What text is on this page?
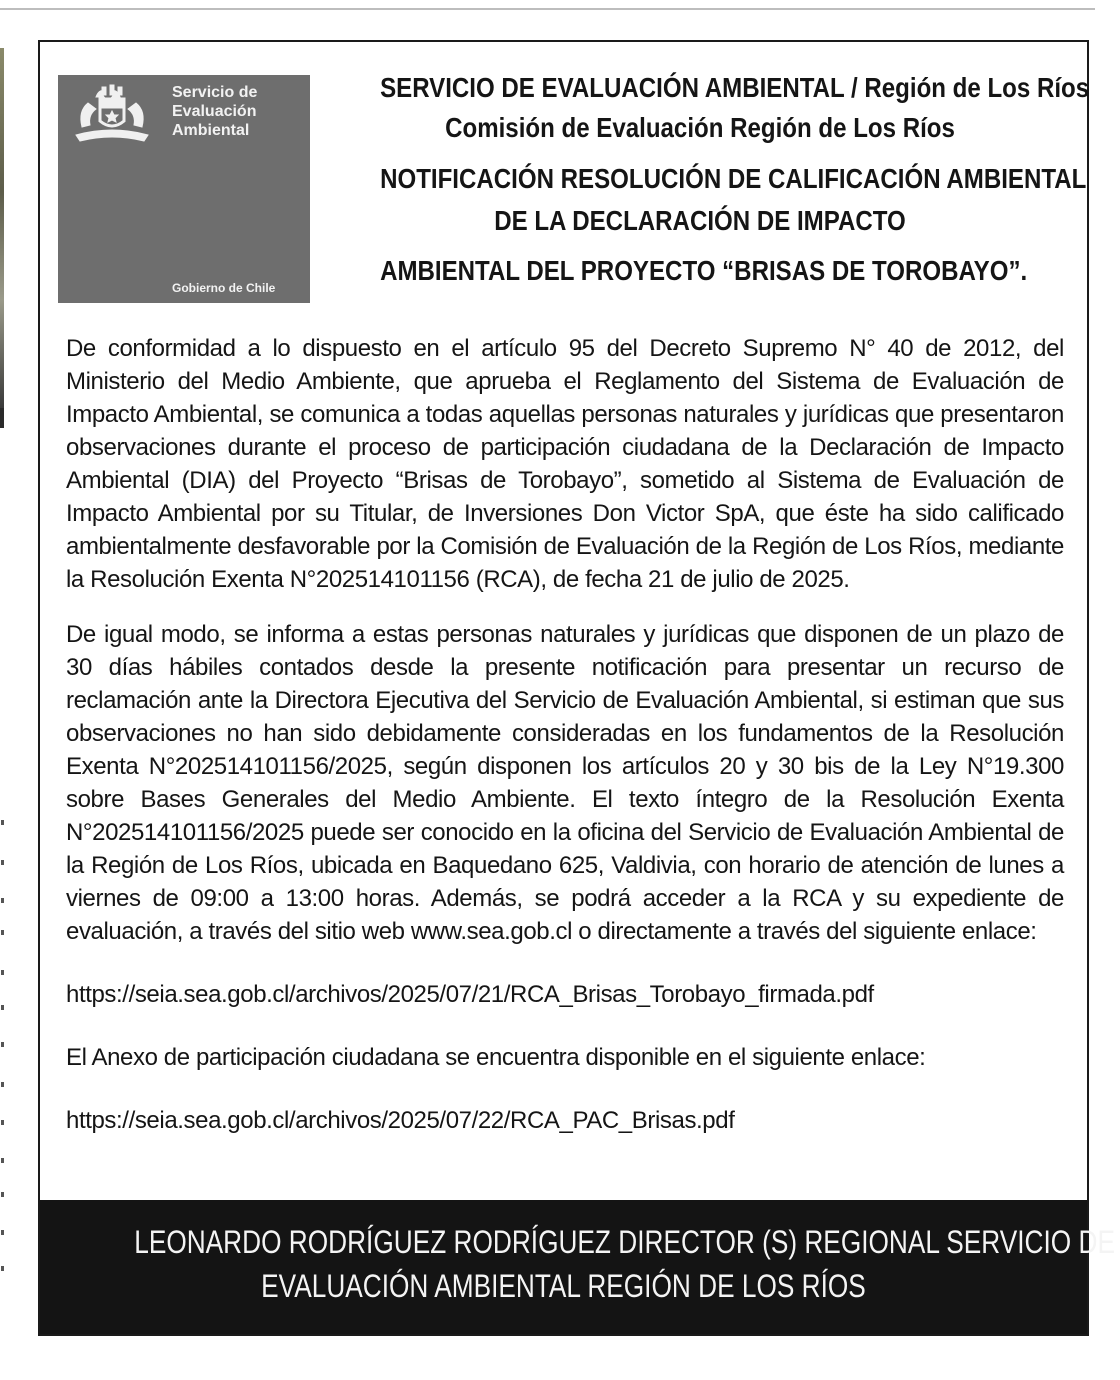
Servicio de
Evaluación
Ambiental
Gobierno de Chile
SERVICIO DE EVALUACIÓN AMBIENTAL / Región de Los Ríos
Comisión de Evaluación Región de Los Ríos
NOTIFICACIÓN RESOLUCIÓN DE CALIFICACIÓN AMBIENTAL
DE LA DECLARACIÓN DE IMPACTO
AMBIENTAL DEL PROYECTO “BRISAS DE TOROBAYO”.

De conformidad a lo dispuesto en el artículo 95 del Decreto Supremo N° 40 de 2012, del Ministerio del Medio Ambiente, que aprueba el Reglamento del Sistema de Evaluación de Impacto Ambiental, se comunica a todas aquellas personas naturales y jurídicas que presentaron observaciones durante el proceso de participación ciudadana de la Declaración de Impacto Ambiental (DIA) del Proyecto “Brisas de Torobayo”, sometido al Sistema de Evaluación de Impacto Ambiental por su Titular, de Inversiones Don Victor SpA, que éste ha sido calificado ambientalmente desfavorable por la Comisión de Evaluación de la Región de Los Ríos, mediante la Resolución Exenta N°202514101156 (RCA), de fecha 21 de julio de 2025.

De igual modo, se informa a estas personas naturales y jurídicas que disponen de un plazo de 30 días hábiles contados desde la presente notificación para presentar un recurso de reclamación ante la Directora Ejecutiva del Servicio de Evaluación Ambiental, si estiman que sus observaciones no han sido debidamente consideradas en los fundamentos de la Resolución Exenta N°202514101156/2025, según disponen los artículos 20 y 30 bis de la Ley N°19.300 sobre Bases Generales del Medio Ambiente. El texto íntegro de la Resolución Exenta N°202514101156/2025 puede ser conocido en la oficina del Servicio de Evaluación Ambiental de la Región de Los Ríos, ubicada en Baquedano 625, Valdivia, con horario de atención de lunes a viernes de 09:00 a 13:00 horas. Además, se podrá acceder a la RCA y su expediente de evaluación, a través del sitio web www.sea.gob.cl o directamente a través del siguiente enlace:

https://seia.sea.gob.cl/archivos/2025/07/21/RCA_Brisas_Torobayo_firmada.pdf

El Anexo de participación ciudadana se encuentra disponible en el siguiente enlace:

https://seia.sea.gob.cl/archivos/2025/07/22/RCA_PAC_Brisas.pdf

LEONARDO RODRÍGUEZ RODRÍGUEZ DIRECTOR (S) REGIONAL SERVICIO DE
EVALUACIÓN AMBIENTAL REGIÓN DE LOS RÍOS
